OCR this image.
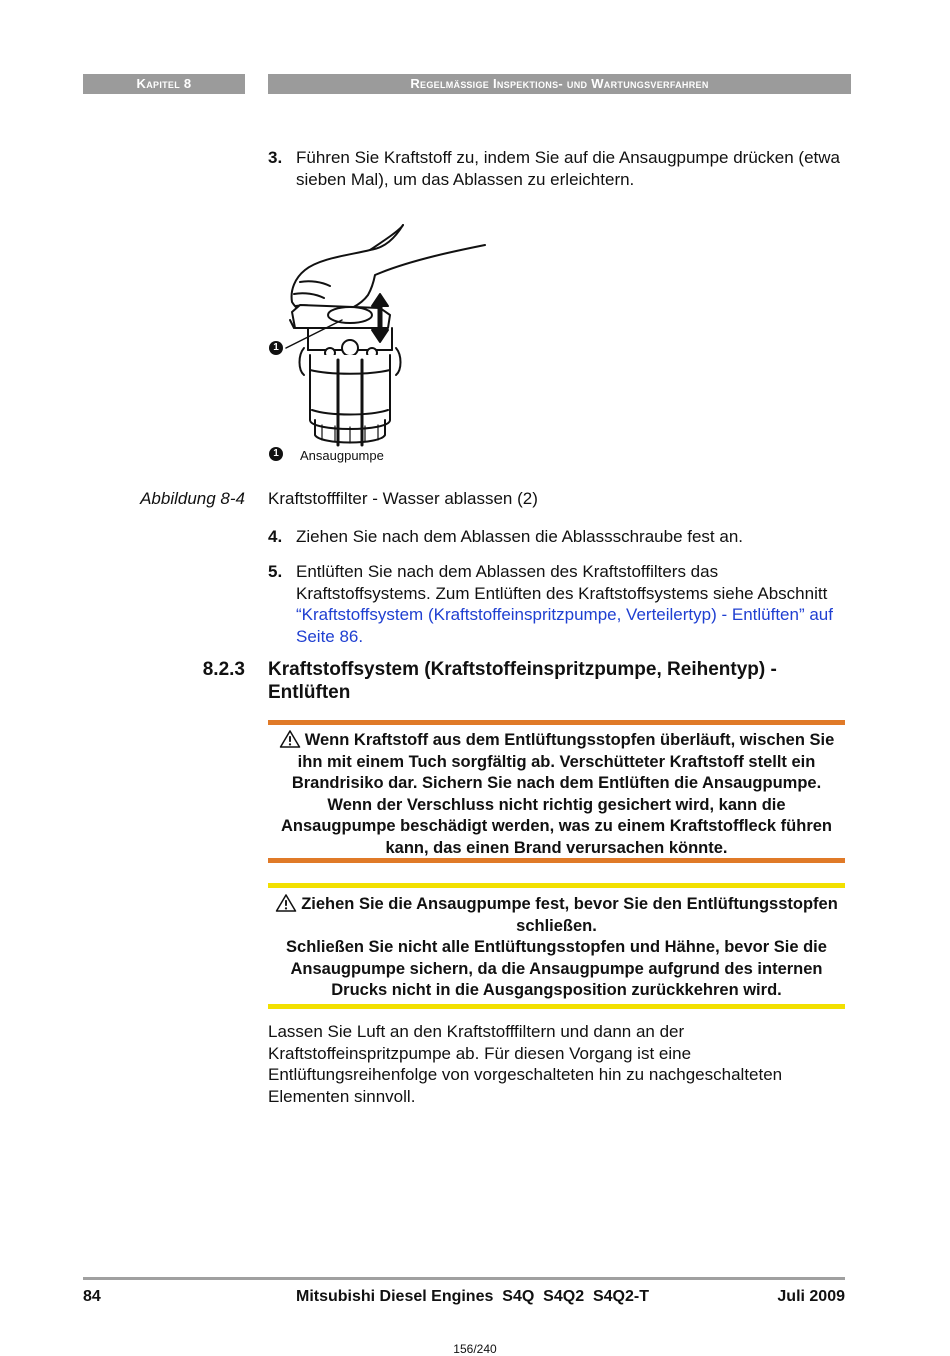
Kapitel 8	Regelmäßige Inspektions- und Wartungsverfahren
3. Führen Sie Kraftstoff zu, indem Sie auf die Ansaugpumpe drücken (etwa sieben Mal), um das Ablassen zu erleichtern.
1
1	Ansaugpumpe
Abbildung 8-4 Kraftstofffilter - Wasser ablassen (2)
4. Ziehen Sie nach dem Ablassen die Ablassschraube fest an.
5. Entlüften Sie nach dem Ablassen des Kraftstoffilters das Kraftstoffsystems. Zum Entlüften des Kraftstoffsystems siehe Abschnitt  “Kraftstoffsystem (Kraftstoffeinspritzpumpe, Verteilertyp) - Entlüften” auf Seite 86.
8.2.3 Kraftstoffsystem (Kraftstoffeinspritzpumpe, Reihentyp) - Entlüften
Wenn Kraftstoff aus dem Entlüftungsstopfen überläuft, wischen Sie ihn mit einem Tuch sorgfältig ab. Verschütteter Kraftstoff stellt ein Brandrisiko dar. Sichern Sie nach dem Entlüften die Ansaugpumpe. Wenn der Verschluss nicht richtig gesichert wird, kann die Ansaugpumpe beschädigt werden, was zu einem Kraftstoffleck führen kann, das einen Brand verursachen könnte.
Ziehen Sie die Ansaugpumpe fest, bevor Sie den Entlüftungsstopfen schließen.
Schließen Sie nicht alle Entlüftungsstopfen und Hähne, bevor Sie die Ansaugpumpe sichern, da die Ansaugpumpe aufgrund des internen Drucks nicht in die Ausgangsposition zurückkehren wird.
Lassen Sie Luft an den Kraftstofffiltern und dann an der Kraftstoffeinspritzpumpe ab. Für diesen Vorgang ist eine Entlüftungsreihenfolge von vorgeschalteten hin zu nachgeschalteten Elementen sinnvoll.
84	Mitsubishi Diesel Engines  S4Q  S4Q2  S4Q2-T	Juli 2009
156/240
